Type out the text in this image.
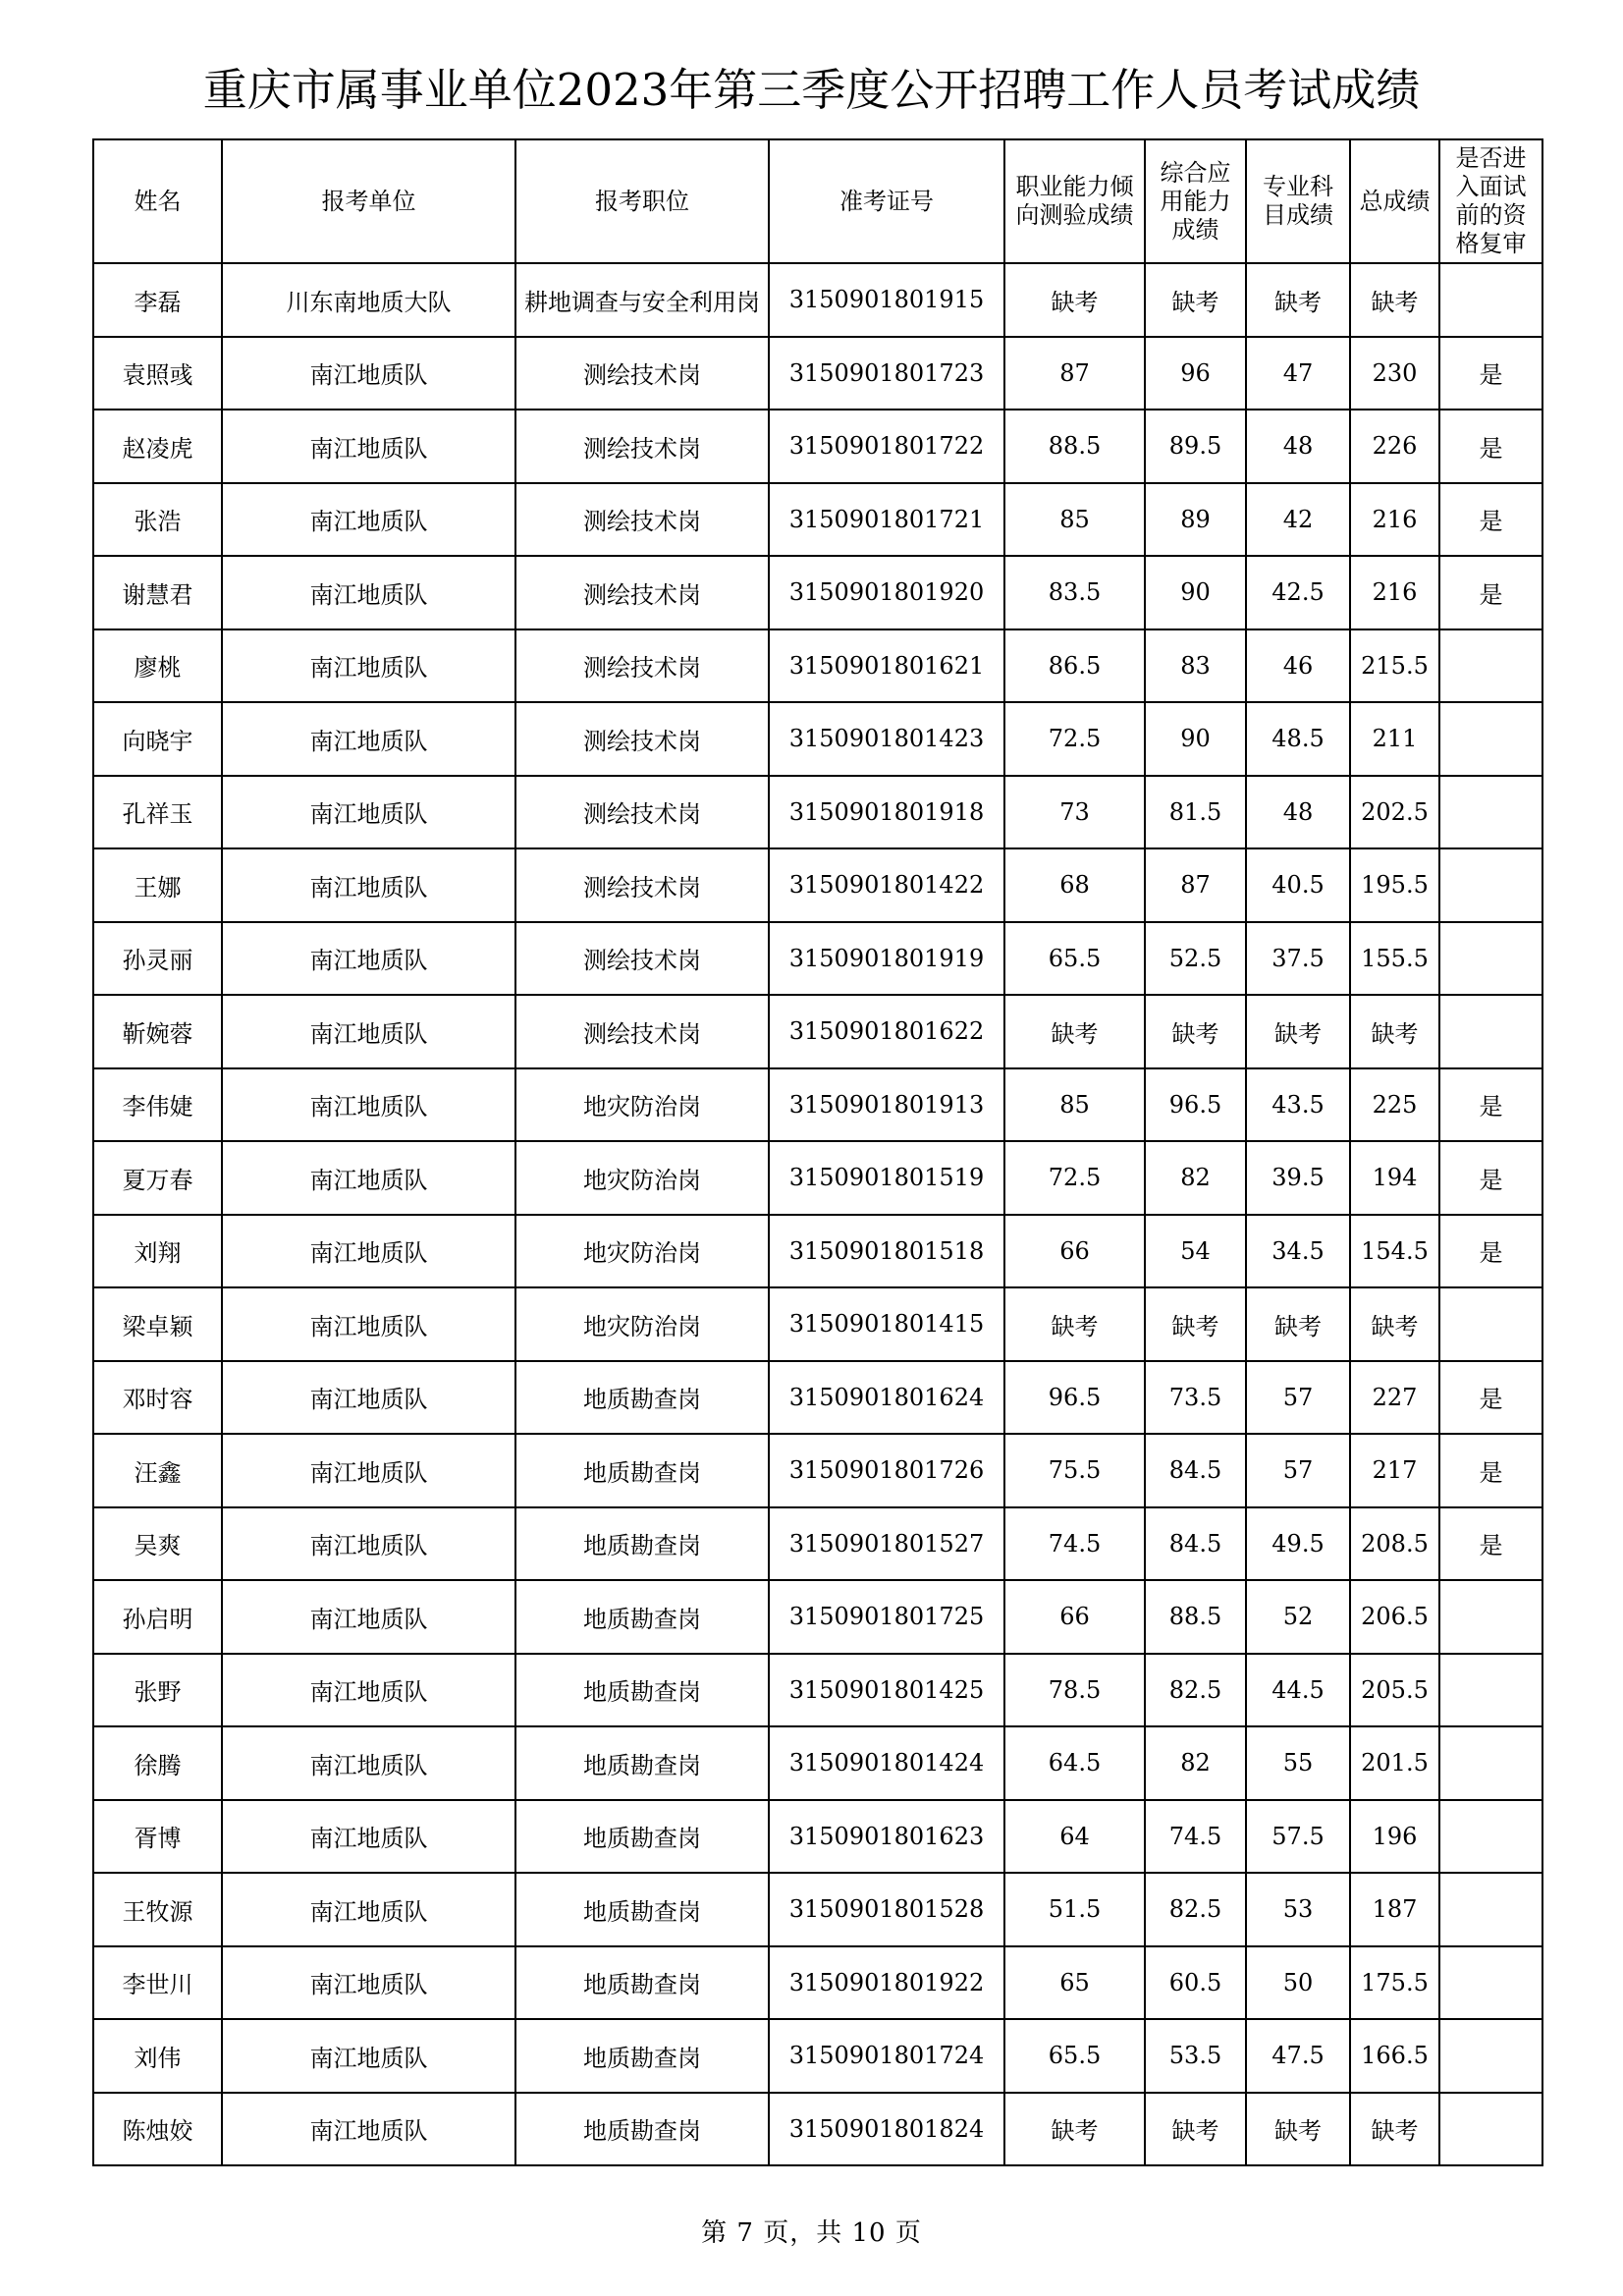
重庆市属事业单位2023年第三季度公开招聘工作人员考试成绩
姓名	报考单位	报考职位	准考证号	职业能力倾向测验成绩	综合应用能力成绩	专业科目成绩	总成绩	是否进入面试前的资格复审
李磊	川东南地质大队	耕地调查与安全利用岗	3150901801915	缺考	缺考	缺考	缺考	
袁照彧	南江地质队	测绘技术岗	3150901801723	87	96	47	230	是
赵凌虎	南江地质队	测绘技术岗	3150901801722	88.5	89.5	48	226	是
张浩	南江地质队	测绘技术岗	3150901801721	85	89	42	216	是
谢慧君	南江地质队	测绘技术岗	3150901801920	83.5	90	42.5	216	是
廖桃	南江地质队	测绘技术岗	3150901801621	86.5	83	46	215.5	
向晓宇	南江地质队	测绘技术岗	3150901801423	72.5	90	48.5	211	
孔祥玉	南江地质队	测绘技术岗	3150901801918	73	81.5	48	202.5	
王娜	南江地质队	测绘技术岗	3150901801422	68	87	40.5	195.5	
孙灵丽	南江地质队	测绘技术岗	3150901801919	65.5	52.5	37.5	155.5	
靳婉蓉	南江地质队	测绘技术岗	3150901801622	缺考	缺考	缺考	缺考	
李伟婕	南江地质队	地灾防治岗	3150901801913	85	96.5	43.5	225	是
夏万春	南江地质队	地灾防治岗	3150901801519	72.5	82	39.5	194	是
刘翔	南江地质队	地灾防治岗	3150901801518	66	54	34.5	154.5	是
梁卓颖	南江地质队	地灾防治岗	3150901801415	缺考	缺考	缺考	缺考	
邓时容	南江地质队	地质勘查岗	3150901801624	96.5	73.5	57	227	是
汪鑫	南江地质队	地质勘查岗	3150901801726	75.5	84.5	57	217	是
吴爽	南江地质队	地质勘查岗	3150901801527	74.5	84.5	49.5	208.5	是
孙启明	南江地质队	地质勘查岗	3150901801725	66	88.5	52	206.5	
张野	南江地质队	地质勘查岗	3150901801425	78.5	82.5	44.5	205.5	
徐腾	南江地质队	地质勘查岗	3150901801424	64.5	82	55	201.5	
胥博	南江地质队	地质勘查岗	3150901801623	64	74.5	57.5	196	
王牧源	南江地质队	地质勘查岗	3150901801528	51.5	82.5	53	187	
李世川	南江地质队	地质勘查岗	3150901801922	65	60.5	50	175.5	
刘伟	南江地质队	地质勘查岗	3150901801724	65.5	53.5	47.5	166.5	
陈烛姣	南江地质队	地质勘查岗	3150901801824	缺考	缺考	缺考	缺考	
第 7 页，共 10 页
